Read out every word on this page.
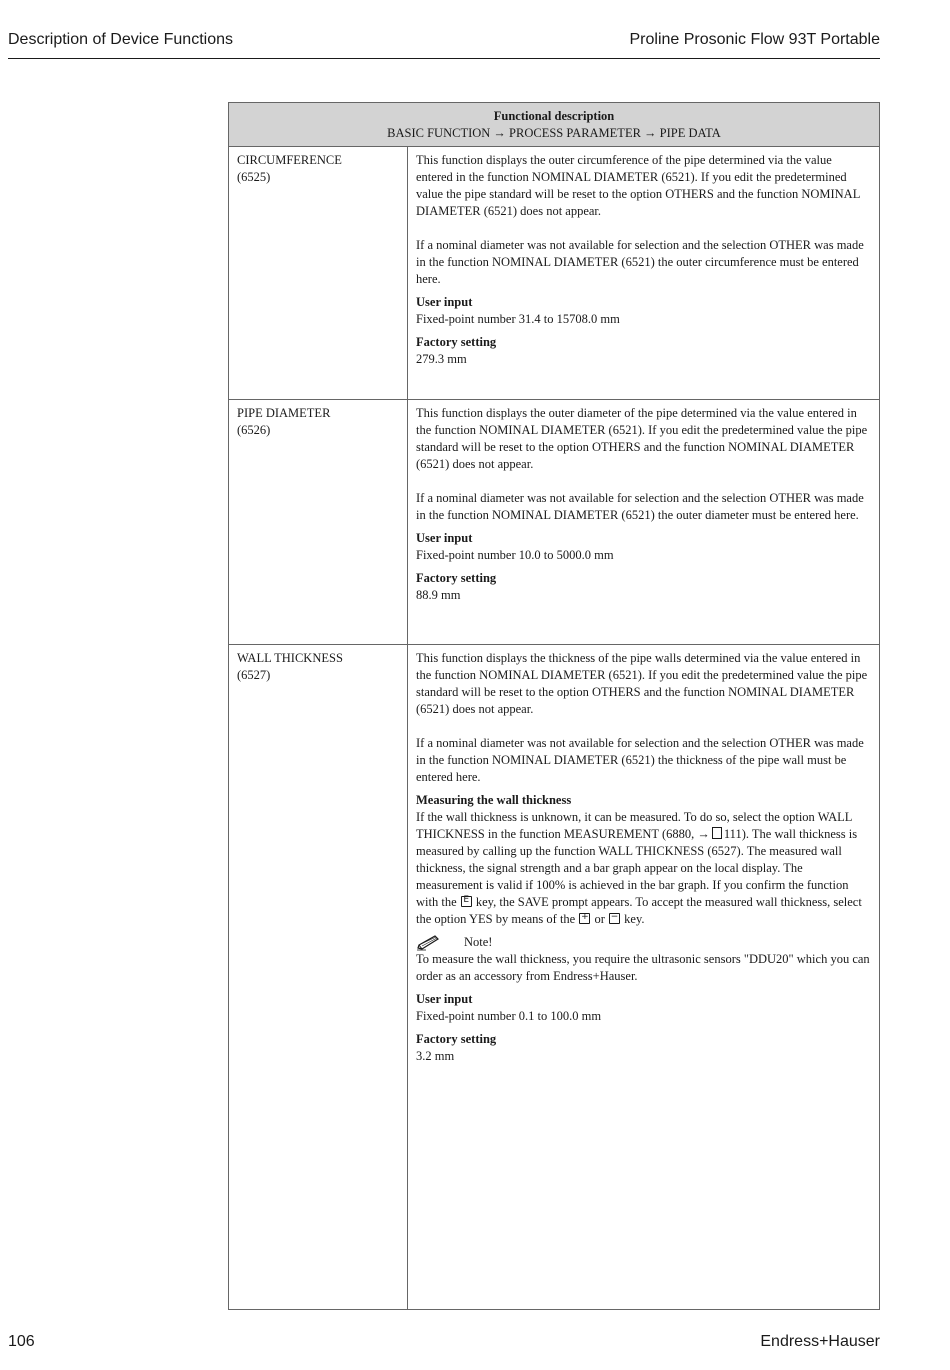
Description of Device Functions	Proline Prosonic Flow 93T Portable
Functional description
BASIC FUNCTION → PROCESS PARAMETER → PIPE DATA
CIRCUMFERENCE
(6525)

This function displays the outer circumference of the pipe determined via the value entered in the function NOMINAL DIAMETER (6521). If you edit the predetermined value the pipe standard will be reset to the option OTHERS and the function NOMINAL DIAMETER (6521) does not appear.

If a nominal diameter was not available for selection and the selection OTHER was made in the function NOMINAL DIAMETER (6521) the outer circumference must be entered here.

User input

Fixed-point number 31.4 to 15708.0 mm

Factory setting

279.3 mm

PIPE DIAMETER
(6526)

This function displays the outer diameter of the pipe determined via the value entered in the function NOMINAL DIAMETER (6521). If you edit the predetermined value the pipe standard will be reset to the option OTHERS and the function NOMINAL DIAMETER (6521) does not appear.

If a nominal diameter was not available for selection and the selection OTHER was made in the function NOMINAL DIAMETER (6521) the outer diameter must be entered here.

User input

Fixed-point number 10.0 to 5000.0 mm

Factory setting

88.9 mm

WALL THICKNESS
(6527)

This function displays the thickness of the pipe walls determined via the value entered in the function NOMINAL DIAMETER (6521). If you edit the predetermined value the pipe standard will be reset to the option OTHERS and the function NOMINAL DIAMETER (6521) does not appear.

If a nominal diameter was not available for selection and the selection OTHER was made in the function NOMINAL DIAMETER (6521) the thickness of the pipe wall must be entered here.

Measuring the wall thickness

If the wall thickness is unknown, it can be measured. To do so, select the option WALL THICKNESS in the function MEASUREMENT (6880, → 111). The wall thickness is measured by calling up the function WALL THICKNESS (6527). The measured wall thickness, the signal strength and a bar graph appear on the local display. The measurement is valid if 100% is achieved in the bar graph. If you confirm the function with the E key, the SAVE prompt appears. To accept the measured wall thickness, select the option YES by means of the + or − key.

Note!

To measure the wall thickness, you require the ultrasonic sensors "DDU20" which you can order as an accessory from Endress+Hauser.

User input

Fixed-point number 0.1 to 100.0 mm

Factory setting

3.2 mm

106	Endress+Hauser
